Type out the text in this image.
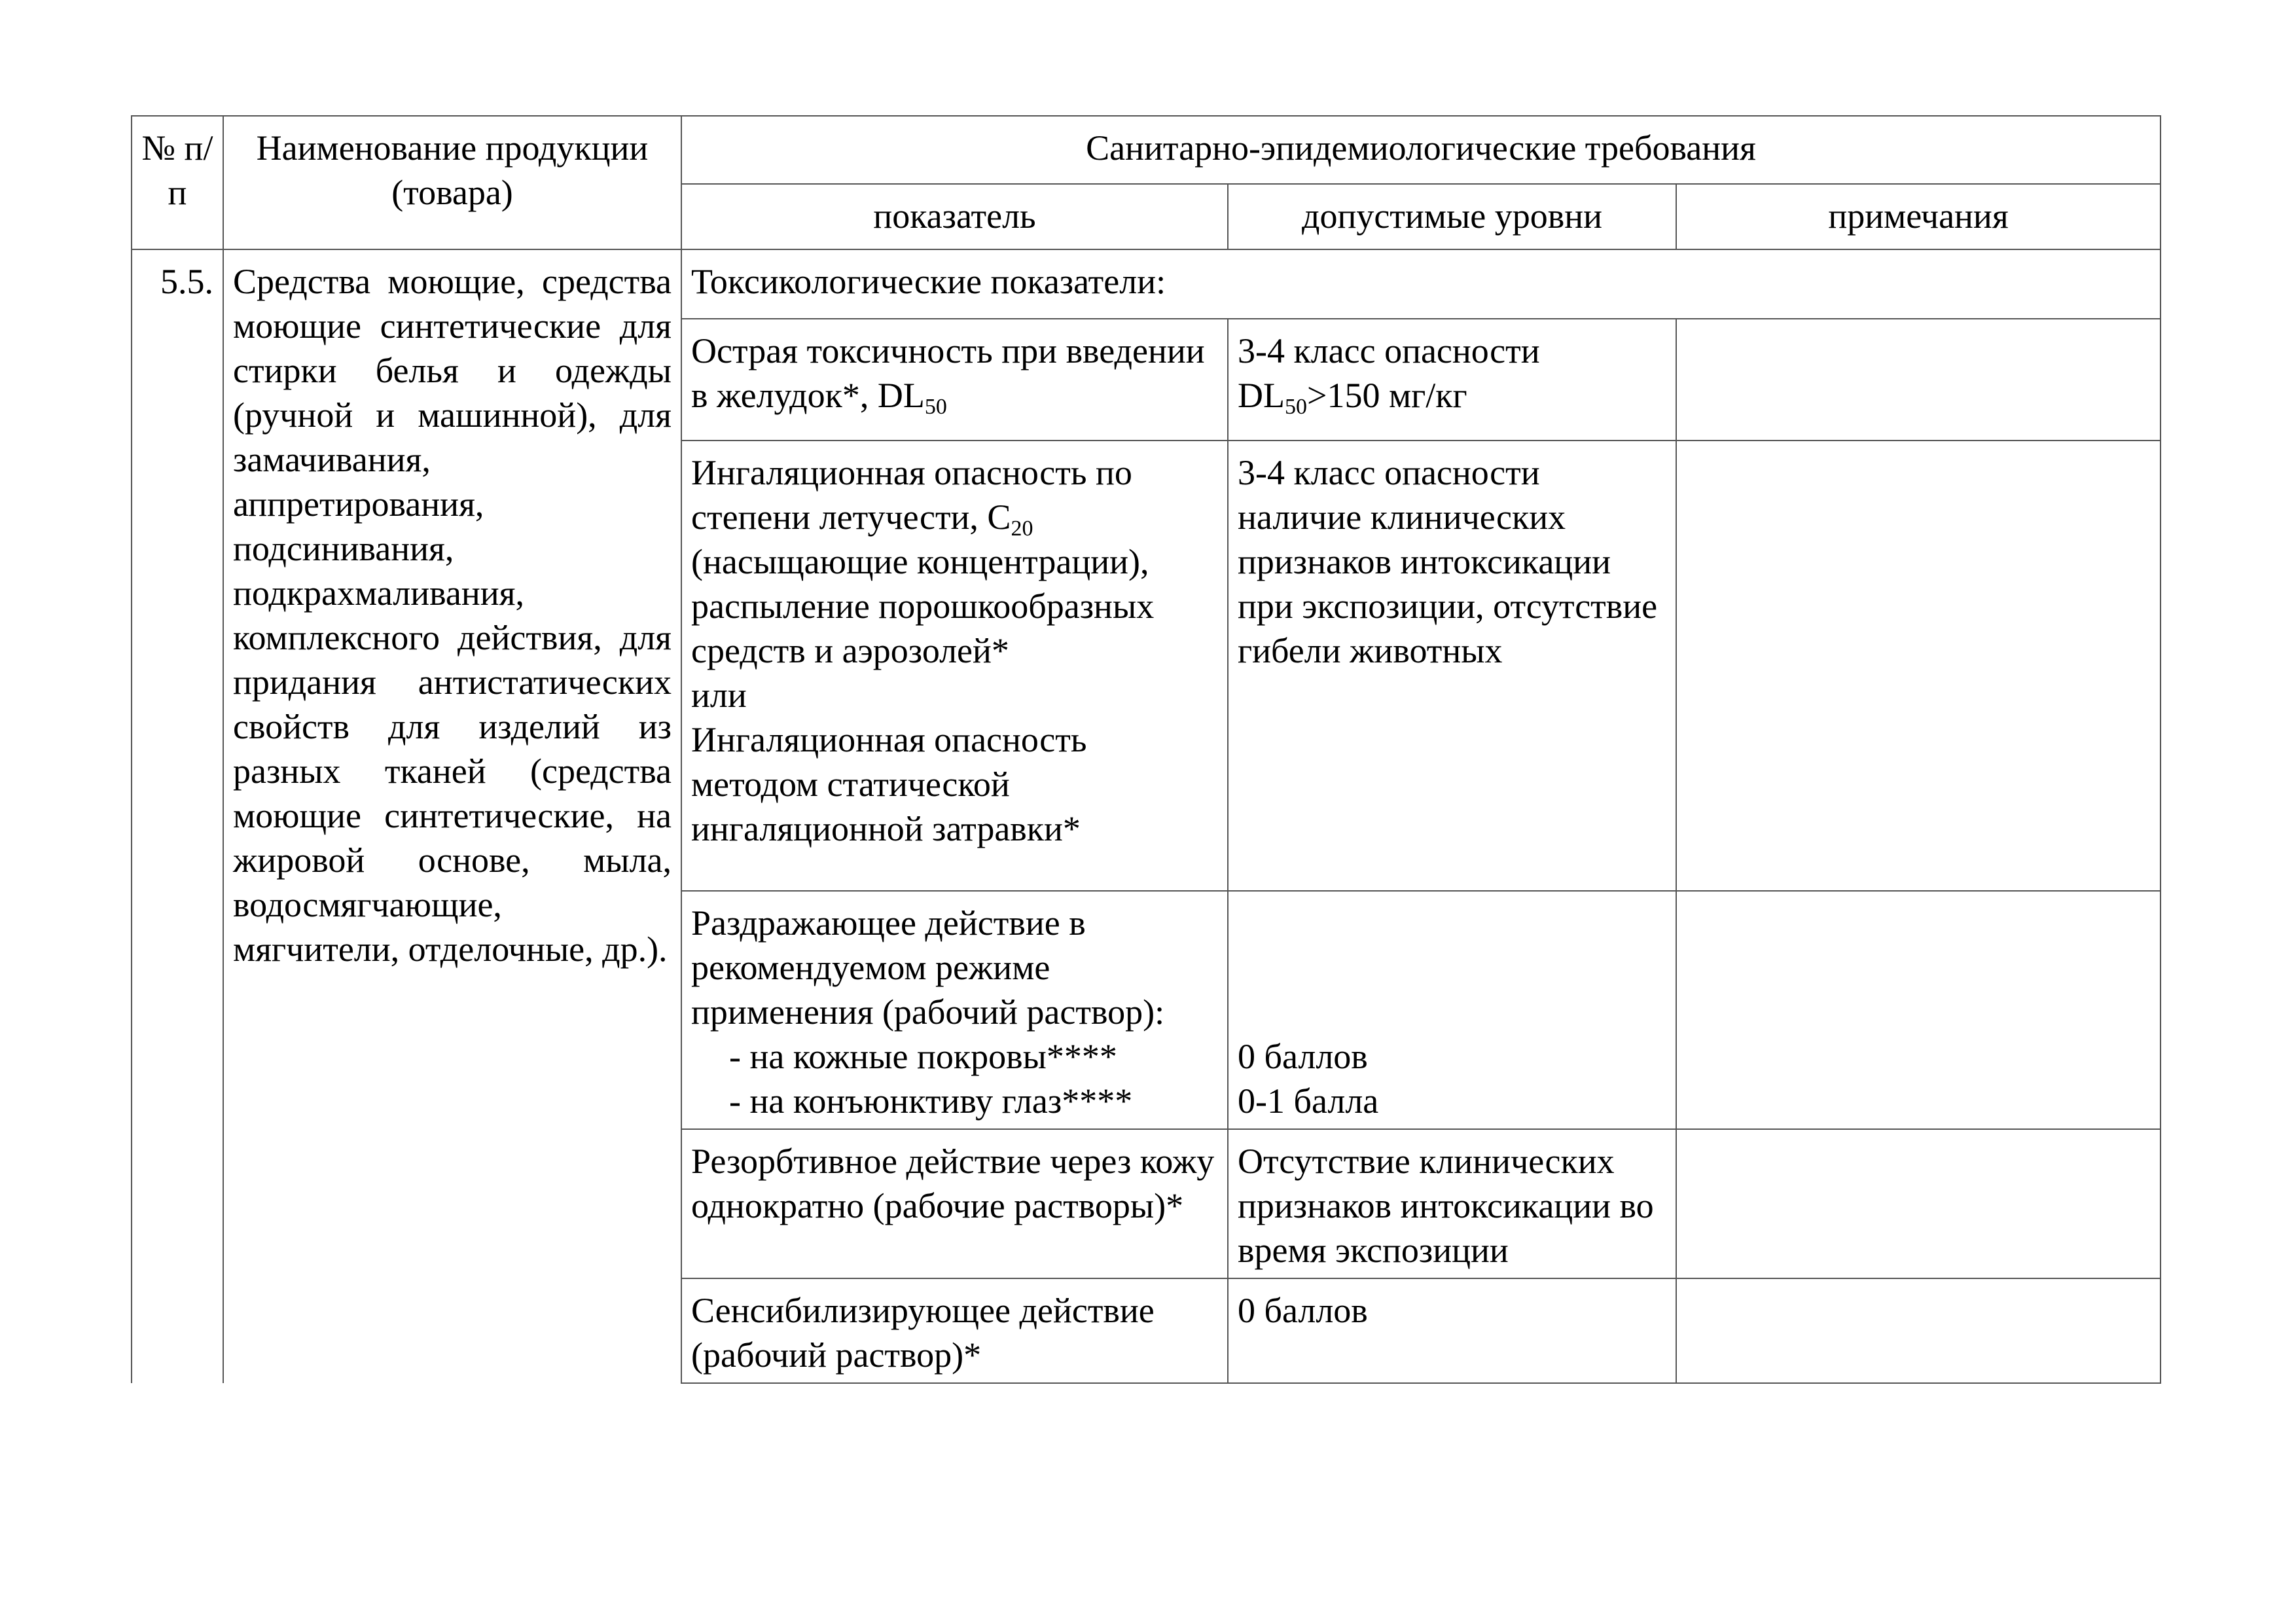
№ п/п	Наименование продукции (товара)	Санитарно-эпидемиологические требования		
		показатель	допустимые уровни	примечания
5.5.	Средства моющие, средства моющие синтетические для стирки белья и одежды (ручной и машинной), для замачивания, аппретирования, подсинивания, подкрахмаливания, комплексного действия, для придания антистатических свойств для изделий из разных тканей (средства моющие синтетические, на жировой основе, мыла, водосмягчающие, мягчители, отделочные, др.).	Токсикологические показатели:		
		Острая токсичность при введении в желудок*, $DL_{50}$	3-4 класс опасности
$DL_{50}>150$ мг/кг	

		Ингаляционная опасность по
степени летучести, $С_{20}$
(насыщающие концентрации), распыление порошкообразных средств и аэрозолей*
или
Ингаляционная опасность методом статической ингаляционной затравки*	3-4 класс опасности наличие клинических признаков интоксикации при экспозиции, отсутствие гибели животных	

		Раздражающее действие в рекомендуемом режиме применения (рабочий раствор):
- на кожные покровы****
- на конъюнктиву глаз****	0 баллов
0-1 балла	

		Резорбтивное действие через кожу однократно (рабочие растворы)*	Отсутствие клинических признаков интоксикации во время экспозиции	
		Сенсибилизирующее действие (рабочий раствор)*	0 баллов	
